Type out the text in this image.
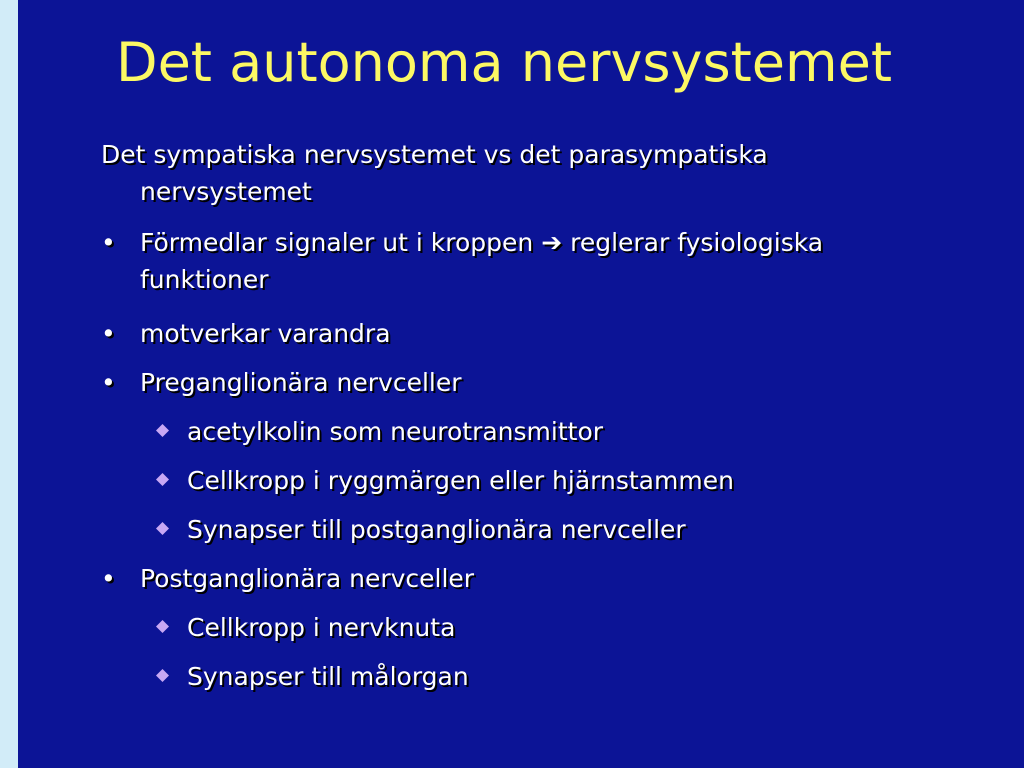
Det autonoma nervsystemet
Det sympatiska nervsystemet vs det parasympatiska
nervsystemet
• Förmedlar signaler ut i kroppen ➔ reglerar fysiologiska
funktioner
• motverkar varandra
• Preganglionära nervceller
acetylkolin som neurotransmittor
Cellkropp i ryggmärgen eller hjärnstammen
Synapser till postganglionära nervceller
• Postganglionära nervceller
Cellkropp i nervknuta
Synapser till målorgan
